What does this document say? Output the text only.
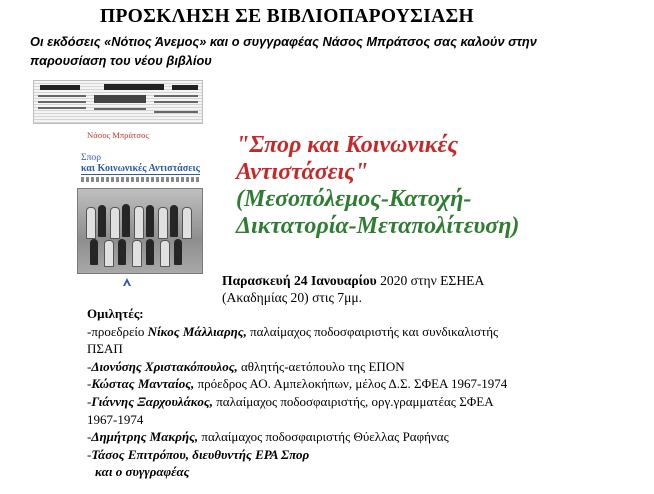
ΠΡΟΣΚΛΗΣΗ ΣΕ ΒΙΒΛΙΟΠΑΡΟΥΣΙΑΣΗ
Οι εκδόσεις «Νότιος Άνεμος» και ο συγγραφέας Νάσος Μπράτσος σας καλούν στην
παρουσίαση του νέου βιβλίου
Νάσος Μπράτσος
Σπορ
και Κοινωνικές Αντιστάσεις
"Σπορ και Κοινωνικές
Αντιστάσεις"
(Μεσοπόλεμος-Κατοχή-
Δικτατορία-Μεταπολίτευση)
Παρασκευή 24 Ιανουαρίου 2020 στην ΕΣΗΕΑ
(Ακαδημίας 20) στις 7μμ.
Ομιλητές:
-προεδρείο Νίκος Μάλλιαρης, παλαίμαχος ποδοσφαιριστής και συνδικαλιστής
ΠΣΑΠ
-Διονύσης Χριστακόπουλος, αθλητής-αετόπουλο της ΕΠΟΝ
-Κώστας Μανταίος, πρόεδρος ΑΟ. Αμπελοκήπων, μέλος Δ.Σ. ΣΦΕΑ 1967-1974
-Γιάννης Ξαρχουλάκος, παλαίμαχος ποδοσφαιριστής, οργ.γραμματέας ΣΦΕΑ
1967-1974
-Δημήτρης Μακρής, παλαίμαχος ποδοσφαιριστής Θύελλας Ραφήνας
-Τάσος Επιτρόπου, διευθυντής ΕΡΑ Σπορ
και ο συγγραφέας
